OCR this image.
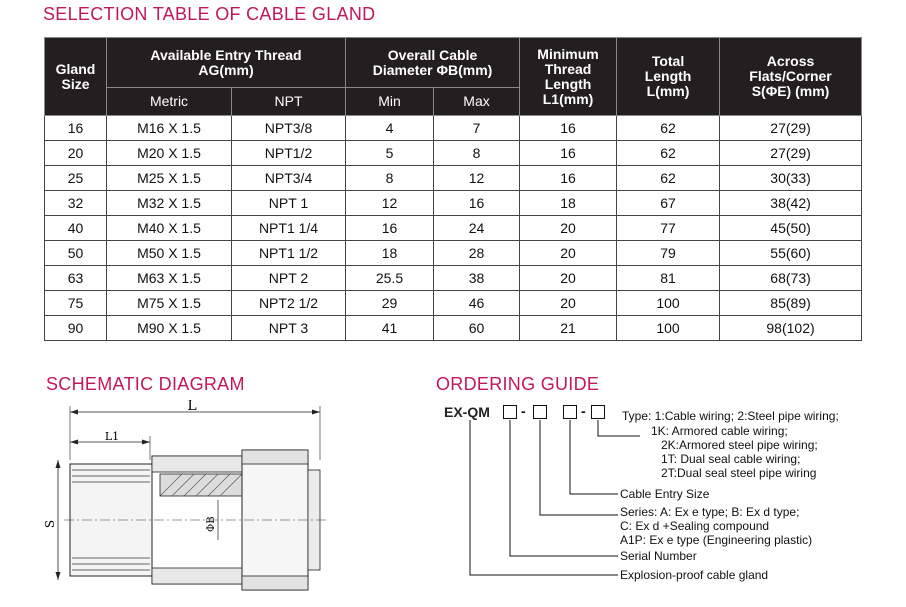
SELECTION TABLE OF CABLE GLAND
Gland Size	Available Entry Thread AG(mm)		Overall Cable Diameter ΦB(mm)		Minimum Thread Length L1(mm)	Total Length L(mm)	Across Flats/Corner S(ΦE) (mm)
	Metric	NPT	Min	Max			
16	M16 X 1.5	NPT3/8	4	7	16	62	27(29)
20	M20 X 1.5	NPT1/2	5	8	16	62	27(29)
25	M25 X 1.5	NPT3/4	8	12	16	62	30(33)
32	M32 X 1.5	NPT 1	12	16	18	67	38(42)
40	M40 X 1.5	NPT1 1/4	16	24	20	77	45(50)
50	M50 X 1.5	NPT1 1/2	18	28	20	79	55(60)
63	M63 X 1.5	NPT 2	25.5	38	20	81	68(73)
75	M75 X 1.5	NPT2 1/2	29	46	20	100	85(89)
90	M90 X 1.5	NPT 3	41	60	21	100	98(102)
SCHEMATIC DIAGRAM
L
L1
S	ΦB
ORDERING GUIDE
EX-QM -	-	Type: 1:Cable wiring; 2:Steel pipe wiring;
1K: Armored cable wiring;
2K:Armored steel pipe wiring;
1T: Dual seal cable wiring;
2T:Dual seal steel pipe wiring
Cable Entry Size
Series: A: Ex e type; B: Ex d type;
C: Ex d +Sealing compound
A1P: Ex e type (Engineering plastic)
Serial Number
Explosion-proof cable gland
